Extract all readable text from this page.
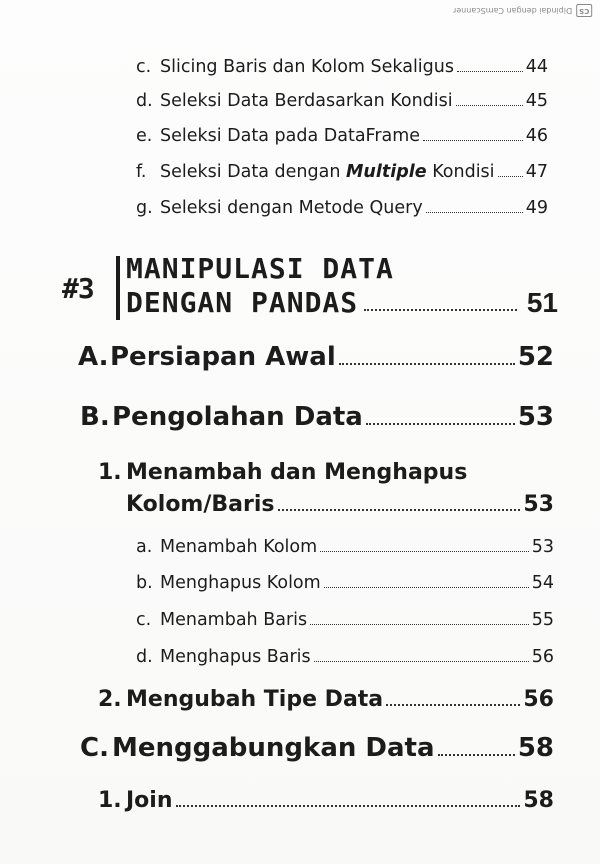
CS
Dipindai dengan CamScanner
c. Slicing Baris dan Kolom Sekaligus	44
d. Seleksi Data Berdasarkan Kondisi	45
e. Seleksi Data pada DataFrame	46
f. Seleksi Data dengan Multiple Kondisi 47
g. Seleksi dengan Metode Query	49
#3
MANIPULASI DATA
DENGAN PANDAS	51
A. Persiapan Awal	52
B. Pengolahan Data	53
1. Menambah dan Menghapus
Kolom/Baris	53
a. Menambah Kolom	53
b. Menghapus Kolom	54
c. Menambah Baris	55
d. Menghapus Baris	56
2. Mengubah Tipe Data	56
C. Menggabungkan Data	58
1. Join	58
